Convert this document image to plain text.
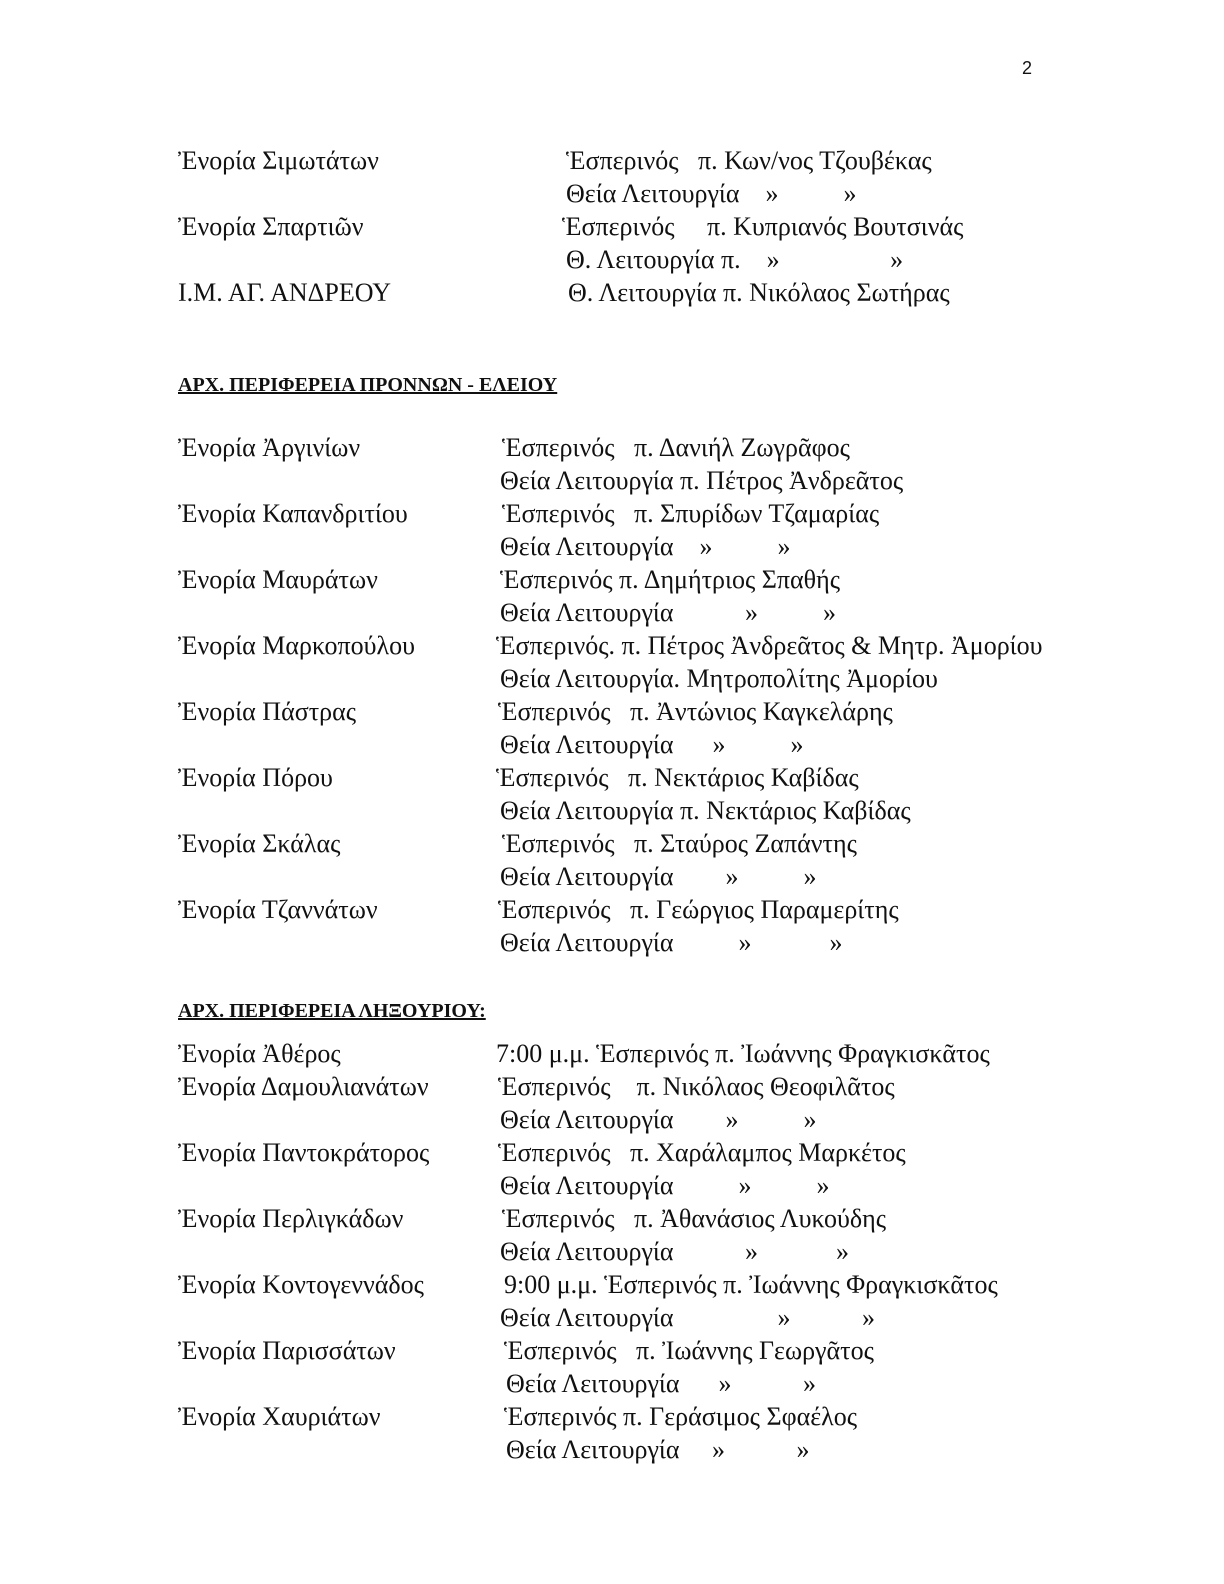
2
Ἐνορία Σιμωτάτων	Ἑσπερινός   π. Κων/νος Τζουβέκας
Θεία Λειτουργία    »          »
Ἐνορία Σπαρτιῶν	Ἑσπερινός     π. Κυπριανός Βουτσινάς
Θ. Λειτουργία π.    »                 »
Ι.Μ. ΑΓ. ΑΝΔΡΕΟΥ	Θ. Λειτουργία π. Νικόλαος Σωτήρας
ΑΡΧ. ΠΕΡΙΦΕΡΕΙΑ ΠΡΟΝΝΩΝ - ΕΛΕΙΟΥ
Ἐνορία Ἀργινίων	Ἑσπερινός   π. Δανιήλ Ζωγρᾶφος
Θεία Λειτουργία π. Πέτρος Ἀνδρεᾶτος
Ἐνορία Καπανδριτίου	Ἑσπερινός   π. Σπυρίδων Τζαμαρίας
Θεία Λειτουργία    »          »
Ἐνορία Μαυράτων	Ἑσπερινός π. Δημήτριος Σπαθής
Θεία Λειτουργία           »          »
Ἐνορία Μαρκοπούλου	Ἑσπερινός. π. Πέτρος Ἀνδρεᾶτος & Μητρ. Ἀμορίου
Θεία Λειτουργία. Μητροπολίτης Ἀμορίου
Ἐνορία Πάστρας	Ἑσπερινός   π. Ἀντώνιος Καγκελάρης
Θεία Λειτουργία      »          »
Ἐνορία Πόρου	Ἑσπερινός   π. Νεκτάριος Καβίδας
Θεία Λειτουργία π. Νεκτάριος Καβίδας
Ἐνορία Σκάλας	Ἑσπερινός   π. Σταύρος Ζαπάντης
Θεία Λειτουργία        »          »
Ἐνορία Τζαννάτων	Ἑσπερινός   π. Γεώργιος Παραμερίτης
Θεία Λειτουργία          »            »
ΑΡΧ. ΠΕΡΙΦΕΡΕΙΑ ΛΗΞΟΥΡΙΟΥ:
Ἐνορία Ἀθέρος	7:00 μ.μ. Ἑσπερινός π. Ἰωάννης Φραγκισκᾶτος
Ἐνορία Δαμουλιανάτων	Ἑσπερινός    π. Νικόλαος Θεοφιλᾶτος
Θεία Λειτουργία        »          »
Ἐνορία Παντοκράτορος	Ἑσπερινός   π. Χαράλαμπος Μαρκέτος
Θεία Λειτουργία          »          »
Ἐνορία Περλιγκάδων	Ἑσπερινός   π. Ἀθανάσιος Λυκούδης
Θεία Λειτουργία           »            »
Ἐνορία Κοντογεννάδος	9:00 μ.μ. Ἑσπερινός π. Ἰωάννης Φραγκισκᾶτος
Θεία Λειτουργία                »           »
Ἐνορία Παρισσάτων	Ἑσπερινός   π. Ἰωάννης Γεωργᾶτος
Θεία Λειτουργία      »           »
Ἐνορία Χαυριάτων	Ἑσπερινός π. Γεράσιμος Σφαέλος
Θεία Λειτουργία     »           »
